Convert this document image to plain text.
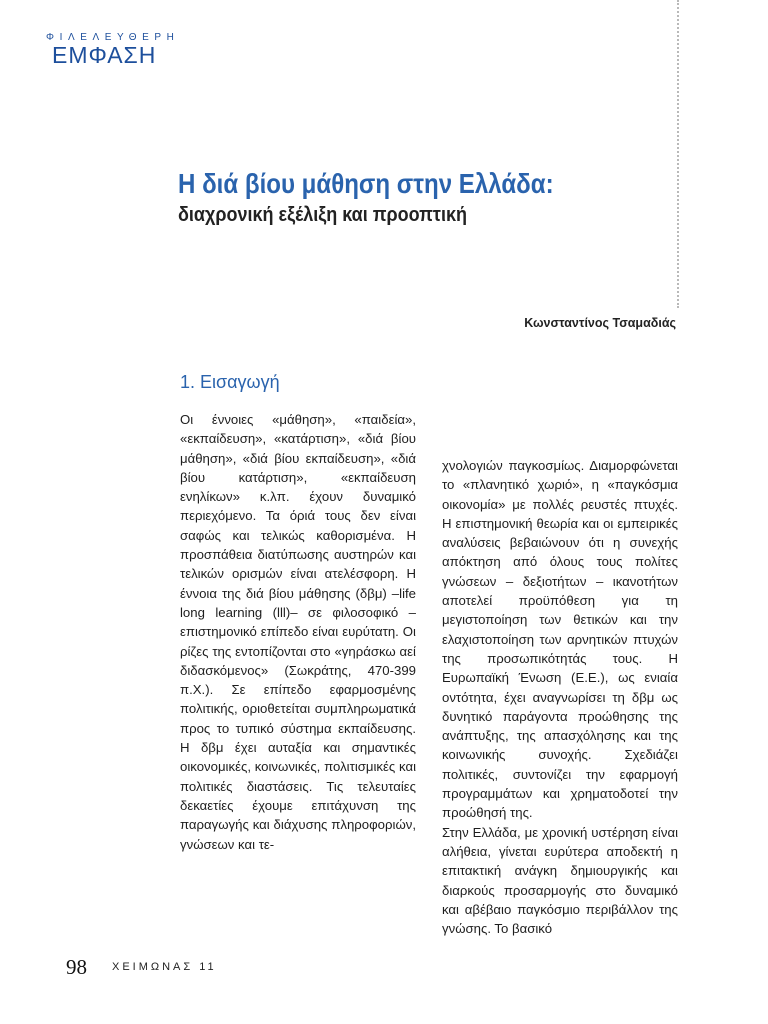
ΦΙΛΕΛΕΥΘΕΡΗ
ΕΜΦΑΣΗ
Η διά βίου μάθηση στην Ελλάδα:
διαχρονική εξέλιξη και προοπτική
Κωνσταντίνος Τσαμαδιάς
1. Εισαγωγή

Οι έννοιες «μάθηση», «παιδεία», «εκπαίδευση», «κατάρτιση», «διά βίου μάθηση», «διά βίου εκπαίδευση», «διά βίου κατάρτιση», «εκπαίδευση ενηλίκων» κ.λπ. έχουν δυναμικό περιεχόμενο. Τα όριά τους δεν είναι σαφώς και τελικώς καθορισμένα. Η προσπάθεια διατύπωσης αυστηρών και τελικών ορισμών είναι ατελέσφορη. Η έννοια της διά βίου μάθησης (δβμ) –life long learning (lll)– σε φιλοσοφικό – επιστημονικό επίπεδο είναι ευρύτατη. Οι ρίζες της εντοπίζονται στο «γηράσκω αεί διδασκόμενος» (Σωκράτης, 470-399 π.Χ.). Σε επίπεδο εφαρμοσμένης πολιτικής, οριοθετείται συμπληρωματικά προς το τυπικό σύστημα εκπαίδευσης. Η δβμ έχει αυταξία και σημαντικές οικονομικές, κοινωνικές, πολιτισμικές και πολιτικές διαστάσεις. Τις τελευταίες δεκαετίες έχουμε επιτάχυνση της παραγωγής και διάχυσης πληροφοριών, γνώσεων και τε-

χνολογιών παγκοσμίως. Διαμορφώνεται το «πλανητικό χωριό», η «παγκόσμια οικονομία» με πολλές ρευστές πτυχές. Η επιστημονική θεωρία και οι εμπειρικές αναλύσεις βεβαιώνουν ότι η συνεχής απόκτηση από όλους τους πολίτες γνώσεων – δεξιοτήτων – ικανοτήτων αποτελεί προϋπόθεση για τη μεγιστοποίηση των θετικών και την ελαχιστοποίηση των αρνητικών πτυχών της προσωπικότητάς τους. Η Ευρωπαϊκή Ένωση (Ε.Ε.), ως ενιαία οντότητα, έχει αναγνωρίσει τη δβμ ως δυνητικό παράγοντα προώθησης της ανάπτυξης, της απασχόλησης και της κοινωνικής συνοχής. Σχεδιάζει πολιτικές, συντονίζει την εφαρμογή προγραμμάτων και χρηματοδοτεί την προώθησή της.

Στην Ελλάδα, με χρονική υστέρηση είναι αλήθεια, γίνεται ευρύτερα αποδεκτή η επιτακτική ανάγκη δημιουργικής και διαρκούς προσαρμογής στο δυναμικό και αβέβαιο παγκόσμιο περιβάλλον της γνώσης. Το βασικό

98 ΧΕΙΜΩΝΑΣ 11
